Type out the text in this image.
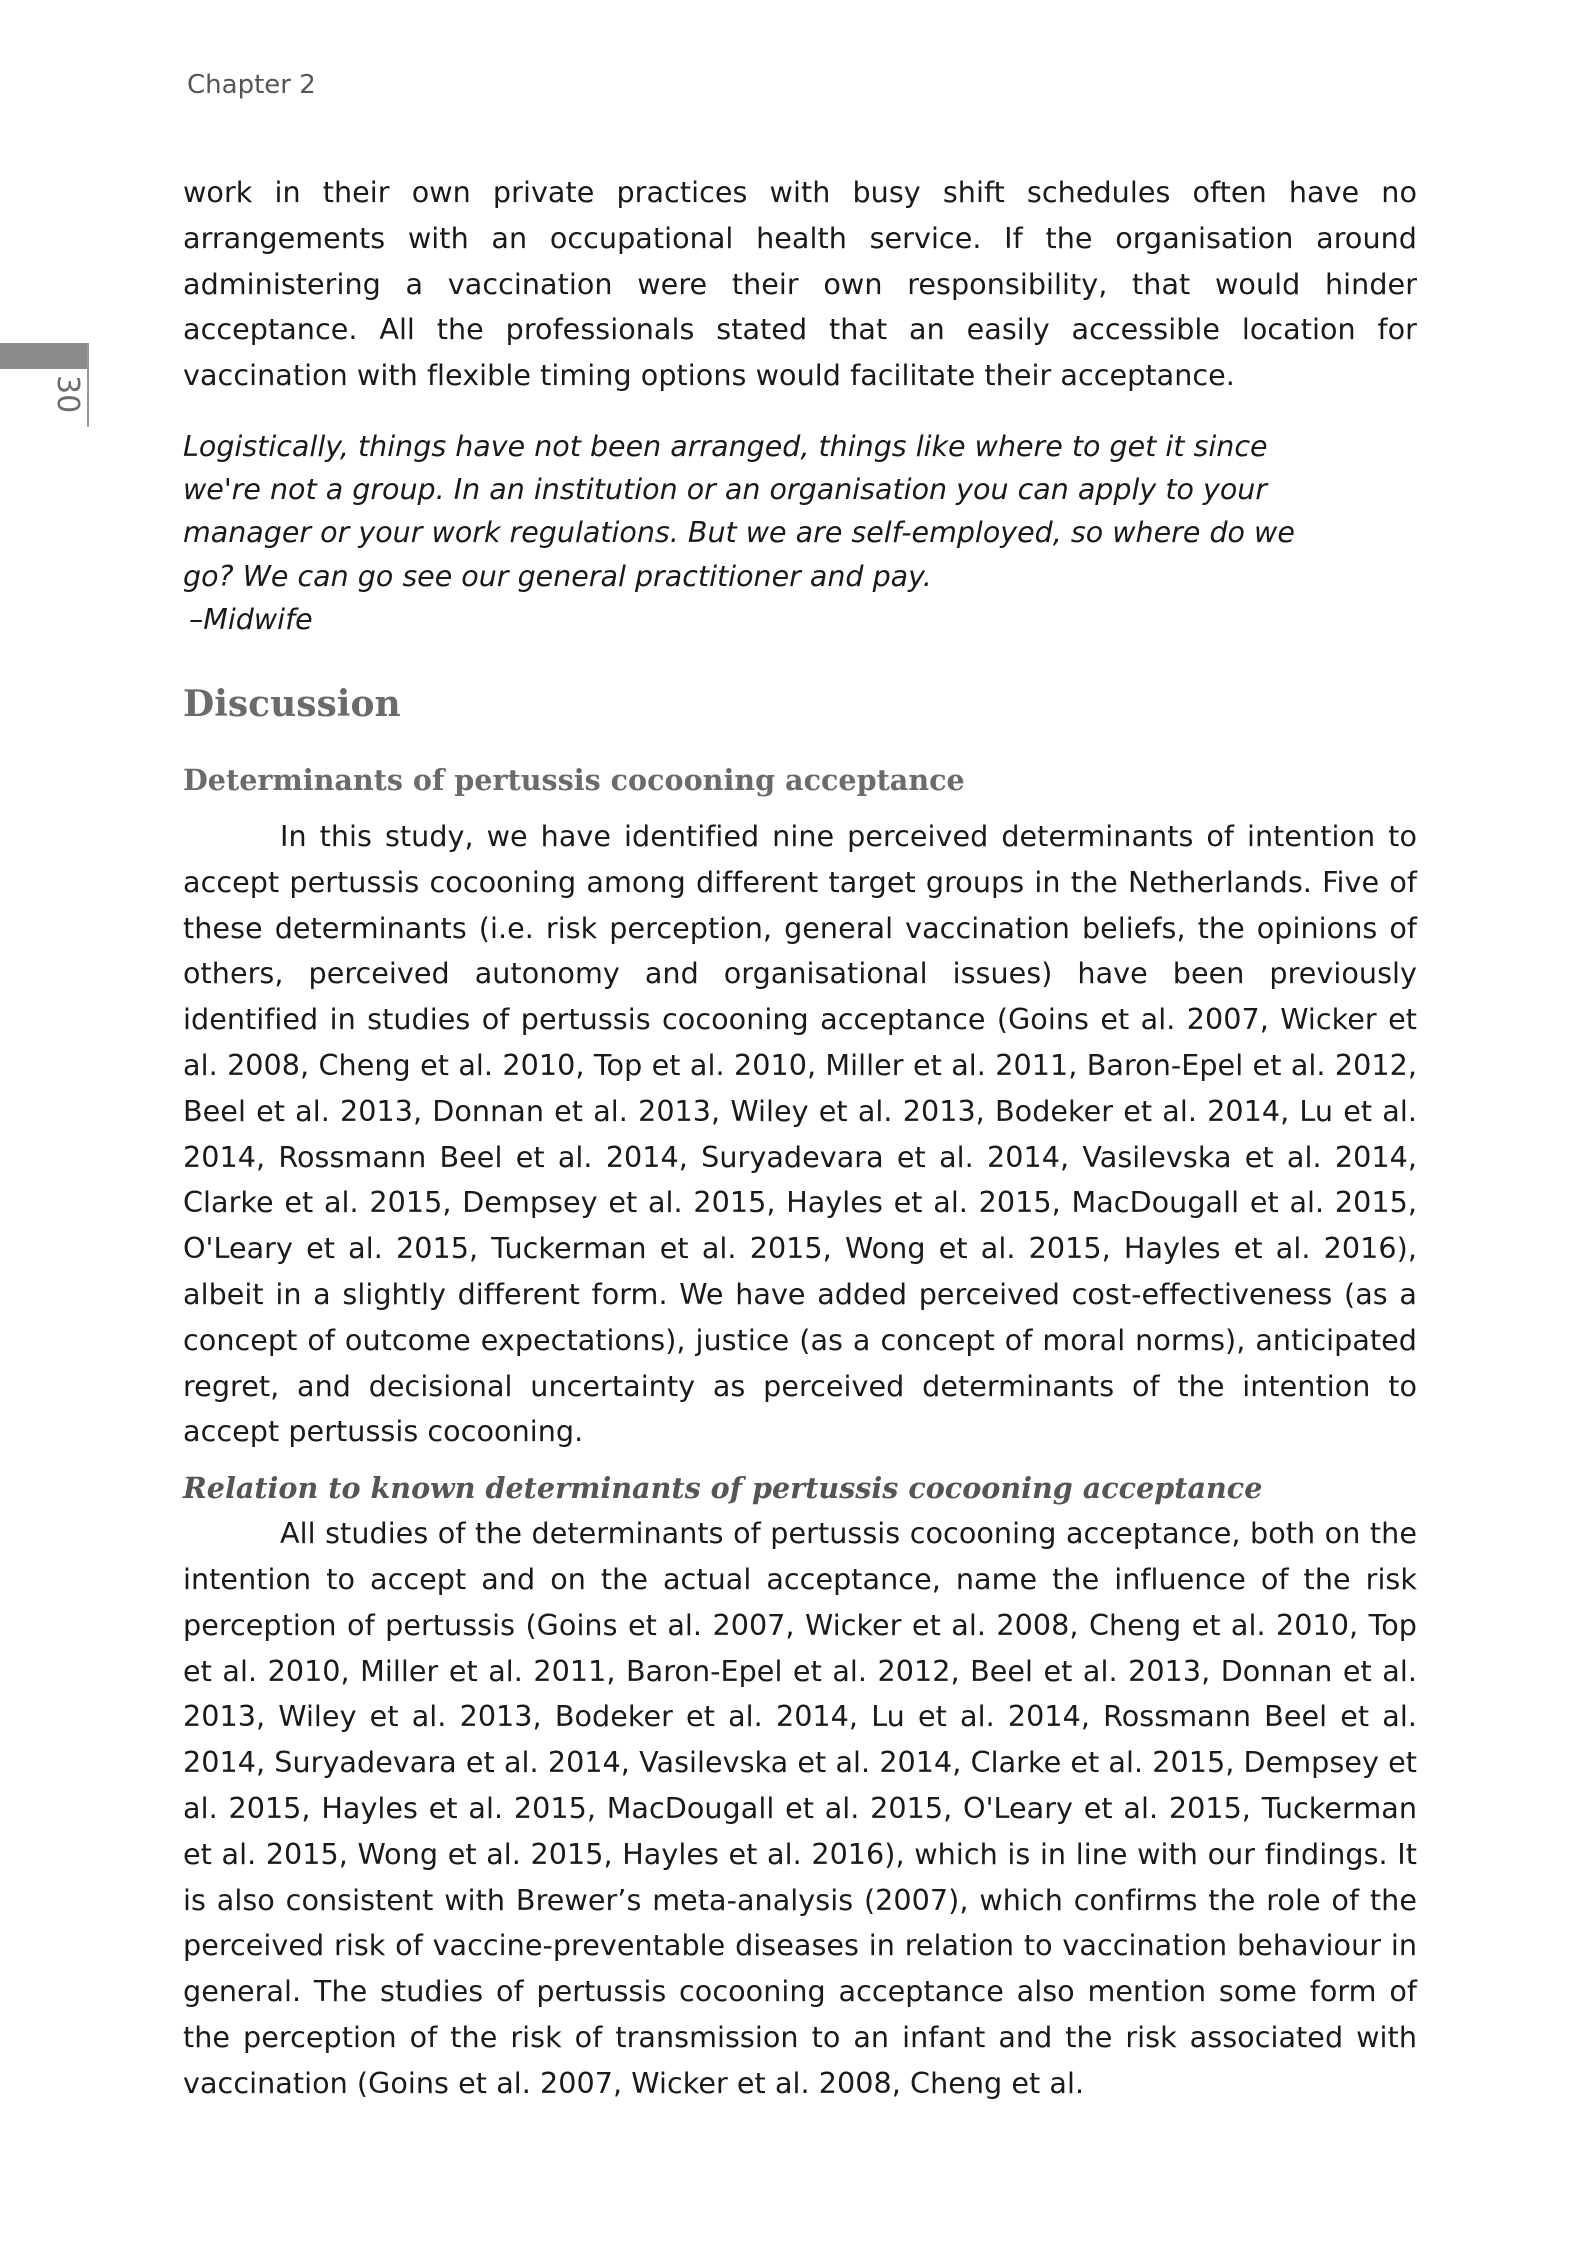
Chapter 2
30

work in their own private practices with busy shift schedules often have no arrangements with an occupational health service. If the organisation around administering a vaccination were their own responsibility, that would hinder acceptance. All the professionals stated that an easily accessible location for vaccination with flexible timing options would facilitate their acceptance.

Logistically, things have not been arranged, things like where to get it since we're not a group. In an institution or an organisation you can apply to your manager or your work regulations. But we are self-employed, so where do we go? We can go see our general practitioner and pay.
–Midwife
Discussion
Determinants of pertussis cocooning acceptance

In this study, we have identified nine perceived determinants of intention to accept pertussis cocooning among different target groups in the Netherlands. Five of these determinants (i.e. risk perception, general vaccination beliefs, the opinions of others, perceived autonomy and organisational issues) have been previously identified in studies of pertussis cocooning acceptance (Goins et al. 2007, Wicker et al. 2008, Cheng et al. 2010, Top et al. 2010, Miller et al. 2011, Baron-Epel et al. 2012, Beel et al. 2013, Donnan et al. 2013, Wiley et al. 2013, Bodeker et al. 2014, Lu et al. 2014, Rossmann Beel et al. 2014, Suryadevara et al. 2014, Vasilevska et al. 2014, Clarke et al. 2015, Dempsey et al. 2015, Hayles et al. 2015, MacDougall et al. 2015, O'Leary et al. 2015, Tuckerman et al. 2015, Wong et al. 2015, Hayles et al. 2016), albeit in a slightly different form. We have added perceived cost-effectiveness (as a concept of outcome expectations), justice (as a concept of moral norms), anticipated regret, and decisional uncertainty as perceived determinants of the intention to accept pertussis cocooning.

Relation to known determinants of pertussis cocooning acceptance

All studies of the determinants of pertussis cocooning acceptance, both on the intention to accept and on the actual acceptance, name the influence of the risk perception of pertussis (Goins et al. 2007, Wicker et al. 2008, Cheng et al. 2010, Top et al. 2010, Miller et al. 2011, Baron-Epel et al. 2012, Beel et al. 2013, Donnan et al. 2013, Wiley et al. 2013, Bodeker et al. 2014, Lu et al. 2014, Rossmann Beel et al. 2014, Suryadevara et al. 2014, Vasilevska et al. 2014, Clarke et al. 2015, Dempsey et al. 2015, Hayles et al. 2015, MacDougall et al. 2015, O'Leary et al. 2015, Tuckerman et al. 2015, Wong et al. 2015, Hayles et al. 2016), which is in line with our findings. It is also consistent with Brewer’s meta-analysis (2007), which confirms the role of the perceived risk of vaccine-preventable diseases in relation to vaccination behaviour in general. The studies of pertussis cocooning acceptance also mention some form of the perception of the risk of transmission to an infant and the risk associated with vaccination (Goins et al. 2007, Wicker et al. 2008, Cheng et al.
